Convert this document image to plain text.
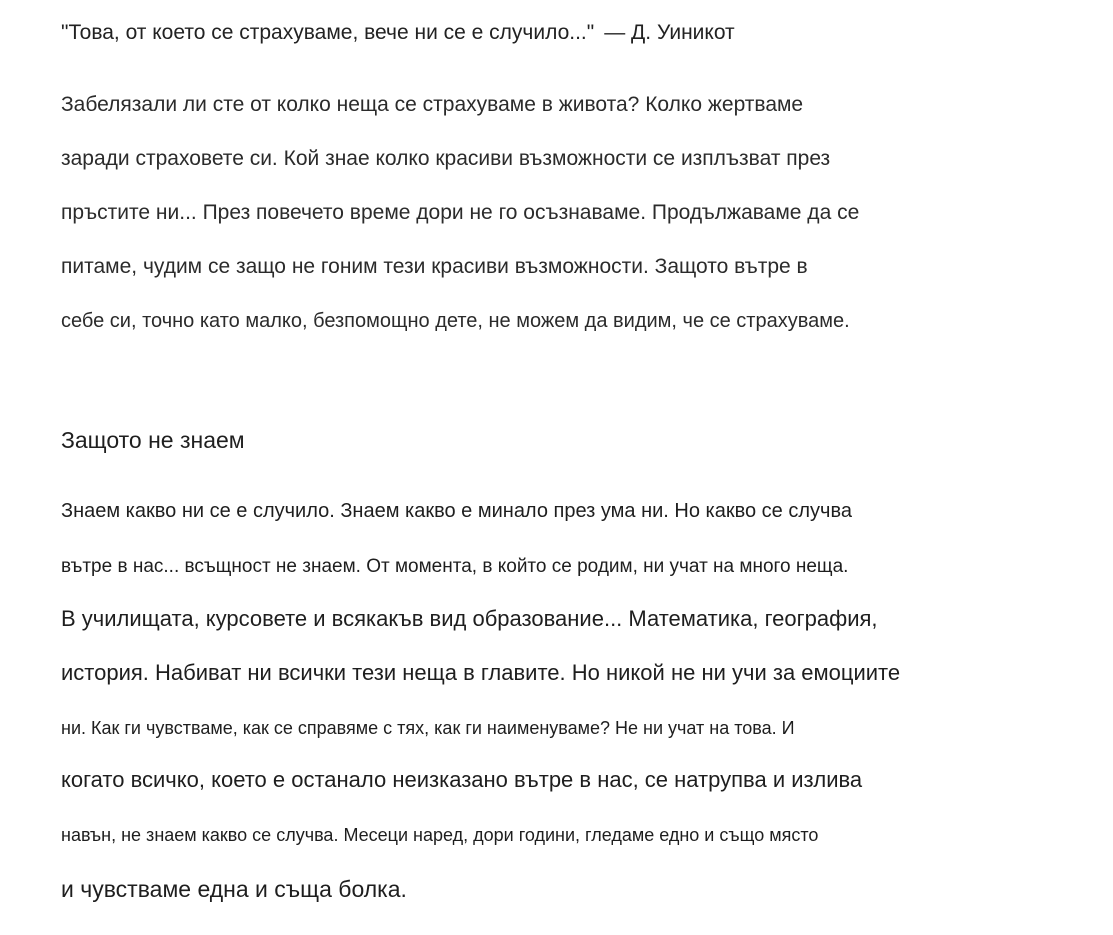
"Това, от което се страхуваме, вече ни се е случило..." — Д. Уиникот
Забелязали ли сте от колко неща се страхуваме в живота? Колко жертваме
заради страховете си. Кой знае колко красиви възможности се изплъзват през
пръстите ни... През повечето време дори не го осъзнаваме. Продължаваме да се
питаме, чудим се защо не гоним тези красиви възможности. Защото вътре в
себе си, точно като малко, безпомощно дете, не можем да видим, че се страхуваме.
Защото не знаем
Знаем какво ни се е случило. Знаем какво е минало през ума ни. Но какво се случва
вътре в нас... всъщност не знаем. От момента, в който се родим, ни учат на много неща.
В училищата, курсовете и всякакъв вид образование... Математика, география,
история. Набиват ни всички тези неща в главите. Но никой не ни учи за емоциите
ни. Как ги чувстваме, как се справяме с тях, как ги наименуваме? Не ни учат на това. И
когато всичко, което е останало неизказано вътре в нас, се натрупва и излива
навън, не знаем какво се случва. Месеци наред, дори години, гледаме едно и също място
и чувстваме една и съща болка.
